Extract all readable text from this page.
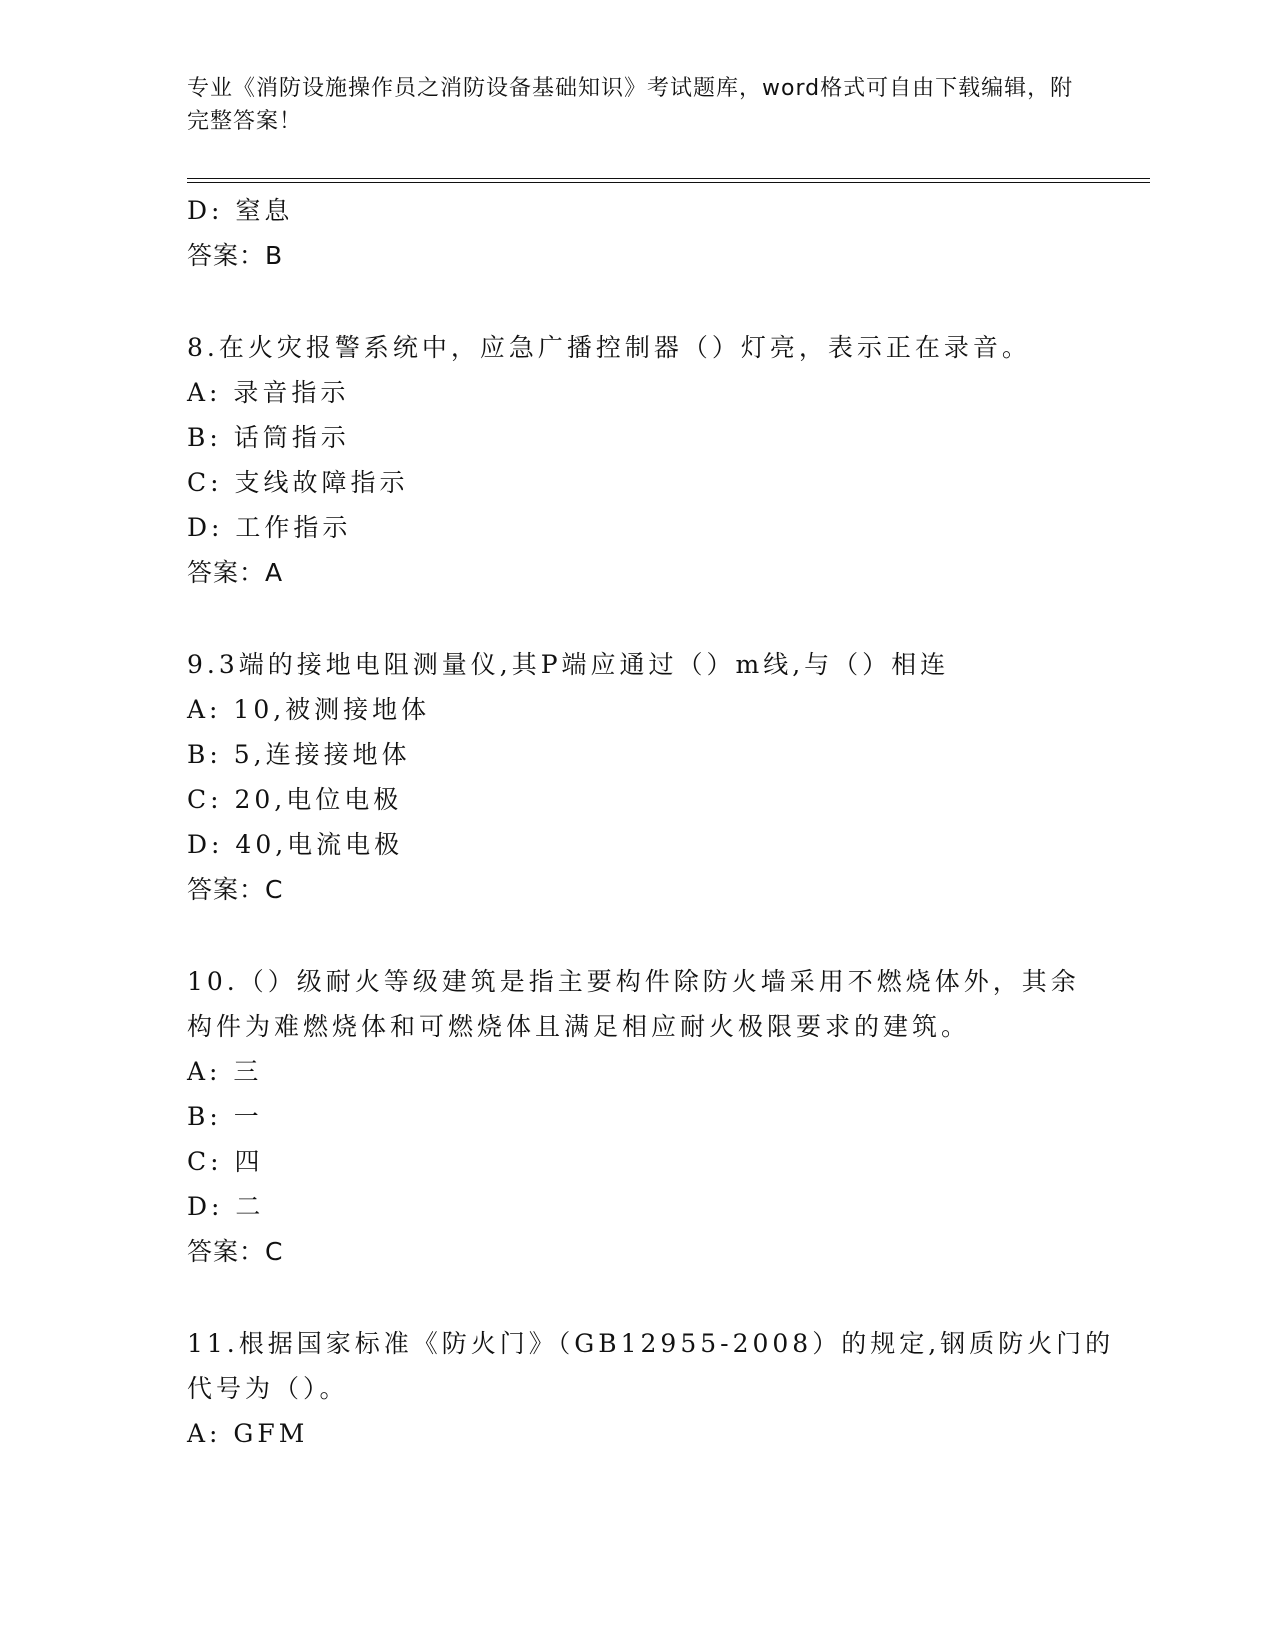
专业《消防设施操作员之消防设备基础知识》考试题库，word格式可自由下载编辑，附完整答案！
D: 窒息
答案：B
8.在火灾报警系统中，应急广播控制器（）灯亮，表示正在录音。
A: 录音指示
B: 话筒指示
C: 支线故障指示
D: 工作指示
答案：A
9.3端的接地电阻测量仪,其P端应通过（）m线,与（）相连
A: 10,被测接地体
B: 5,连接接地体
C: 20,电位电极
D: 40,电流电极
答案：C
10.（）级耐火等级建筑是指主要构件除防火墙采用不燃烧体外，其余
构件为难燃烧体和可燃烧体且满足相应耐火极限要求的建筑。
A: 三
B: 一
C: 四
D: 二
答案：C
11.根据国家标准《防火门》（GB12955-2008）的规定,钢质防火门的
代号为（）。
A: GFM
